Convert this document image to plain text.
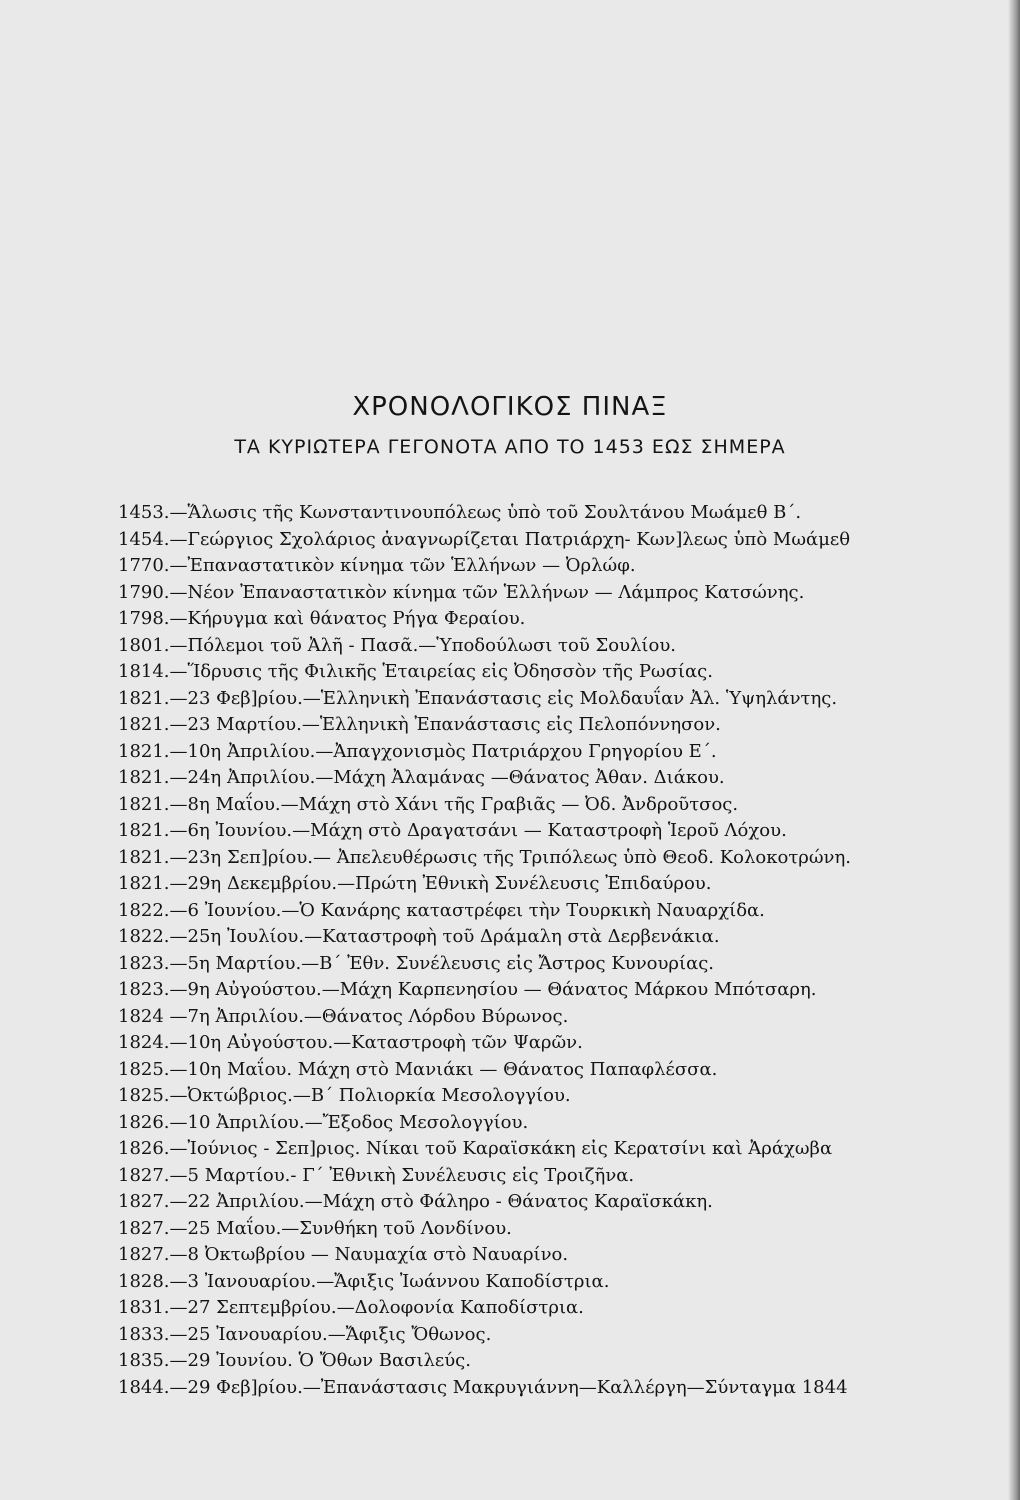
ΧΡΟΝΟΛΟΓΙΚΟΣ ΠΙΝΑΞ
ΤΑ ΚΥΡΙΩΤΕΡΑ ΓΕΓΟΝΟΤΑ ΑΠΟ ΤΟ 1453 ΕΩΣ ΣΗΜΕΡΑ
1453.—Ἅλωσις τῆς Κωνσταντινουπόλεως ὑπὸ τοῦ Σουλτάνου Μωάμεθ Β΄.
1454.—Γεώργιος Σχολάριος ἀναγνωρίζεται Πατριάρχη- Κων]λεως ὑπὸ Μωάμεθ
1770.—Ἐπαναστατικὸν κίνημα τῶν Ἑλλήνων — Ὀρλώφ.
1790.—Νέον Ἐπαναστατικὸν κίνημα τῶν Ἑλλήνων — Λάμπρος Κατσώνης.
1798.—Κήρυγμα καὶ θάνατος Ρήγα Φεραίου.
1801.—Πόλεμοι τοῦ Ἀλῆ - Πασᾶ.—Ὑποδούλωσι τοῦ Σουλίου.
1814.—Ἵδρυσις τῆς Φιλικῆς Ἑταιρείας εἰς Ὀδησσὸν τῆς Ρωσίας.
1821.—23 Φεβ]ρίου.—Ἑλληνικὴ Ἐπανάστασις εἰς Μολδαυΐαν Ἀλ. Ὑψηλάντης.
1821.—23 Μαρτίου.—Ἑλληνικὴ Ἐπανάστασις εἰς Πελοπόννησον.
1821.—10η Ἀπριλίου.—Ἀπαγχονισμὸς Πατριάρχου Γρηγορίου Ε΄.
1821.—24η Ἀπριλίου.—Μάχη Ἀλαμάνας —Θάνατος Ἀθαν. Διάκου.
1821.—8η Μαΐου.—Μάχη στὸ Χάνι τῆς Γραβιᾶς — Ὀδ. Ἀνδροῦτσος.
1821.—6η Ἰουνίου.—Μάχη στὸ Δραγατσάνι — Καταστροφὴ Ἱεροῦ Λόχου.
1821.—23η Σεπ]ρίου.— Ἀπελευθέρωσις τῆς Τριπόλεως ὑπὸ Θεοδ. Κολοκοτρώνη.
1821.—29η Δεκεμβρίου.—Πρώτη Ἐθνικὴ Συνέλευσις Ἐπιδαύρου.
1822.—6 Ἰουνίου.—Ὁ Κανάρης καταστρέφει τὴν Τουρκικὴ Ναυαρχίδα.
1822.—25η Ἰουλίου.—Καταστροφὴ τοῦ Δράμαλη στὰ Δερβενάκια.
1823.—5η Μαρτίου.—Β΄ Ἐθν. Συνέλευσις εἰς Ἄστρος Κυνουρίας.
1823.—9η Αὐγούστου.—Μάχη Καρπενησίου — Θάνατος Μάρκου Μπότσαρη.
1824 —7η Ἀπριλίου.—Θάνατος Λόρδου Βύρωνος.
1824.—10η Αὐγούστου.—Καταστροφὴ τῶν Ψαρῶν.
1825.—10η Μαΐου. Μάχη στὸ Μανιάκι — Θάνατος Παπαφλέσσα.
1825.—Ὀκτώβριος.—Β΄ Πολιορκία Μεσολογγίου.
1826.—10 Ἀπριλίου.—Ἔξοδος Μεσολογγίου.
1826.—Ἰούνιος - Σεπ]ριος. Νίκαι τοῦ Καραϊσκάκη εἰς Κερατσίνι καὶ Ἀράχωβα
1827.—5 Μαρτίου.- Γ΄ Ἐθνικὴ Συνέλευσις εἰς Τροιζῆνα.
1827.—22 Ἀπριλίου.—Μάχη στὸ Φάληρο - Θάνατος Καραϊσκάκη.
1827.—25 Μαΐου.—Συνθήκη τοῦ Λονδίνου.
1827.—8 Ὀκτωβρίου — Ναυμαχία στὸ Ναυαρίνο.
1828.—3 Ἰανουαρίου.—Ἄφιξις Ἰωάννου Καποδίστρια.
1831.—27 Σεπτεμβρίου.—Δολοφονία Καποδίστρια.
1833.—25 Ἰανουαρίου.—Ἄφιξις Ὄθωνος.
1835.—29 Ἰουνίου. Ὁ Ὄθων Βασιλεύς.
1844.—29 Φεβ]ρίου.—Ἐπανάστασις Μακρυγιάννη—Καλλέργη—Σύνταγμα 1844
